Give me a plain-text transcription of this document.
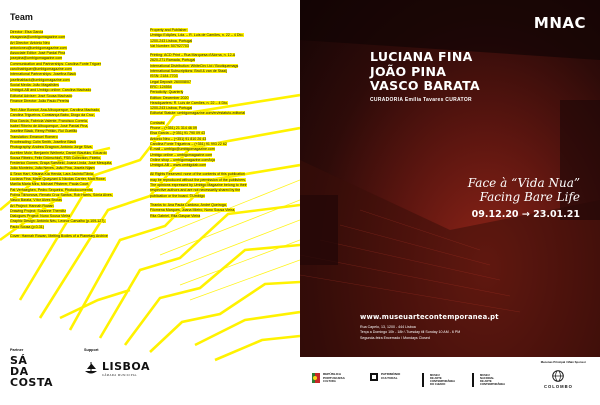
Team
Director: Elsa Garcia
elsagarcia@umbigomagazine.com
Art Director: António Néu
antonioneu@umbigomagazine.com
Associate Editor: José Pardal Pina
josepina@umbigomagazine.com
Communication and Partnerships: Carolina Fonte Triguer
carolinatriguer@umbigomagazine.com
International Partnerships: Josefina Black
josefinablack@umbigomagazine.com
Social Media: João Magalhães
UmbigoLAB and Umbigo online: Carolina Machado
Editorial Adviser: José Sousa Machado
Finance Director: João Paulo Pereira
Text: Alice Bonnot, Ana Albuquerque, Carolina Machado,
Carolina Trigueiros, Constança Babo, Diogo da Cruz,
Elsa Garcia, Fabrícia Valente, Francisco Correia,
Isabel Ribeiro de Albuquerque, José Pardal Pina,
Josefine Black, Rémy Pritikin, Rui Gueifão
Translation: Emanuel Romero
Proofreading: Colin Smith, Josefine Black
Photography: Andrea Gragnon, António Jorge Silva,
Aurélien Mole, Benjamin Weibretz, Daniel Blaufuks, Eduardo
Sousa Ribeiro, Felix Grünschloß, FSB Collection, Fidelio,
Frederico Gomes, Graça Sarsfield, Joana Linda, José Mesquita,
João Monteiro, João Neves, João Pina, Josefa Nijam
& Sean Hart, Kitsana Kia Henda, Lara Jacinto/Tãnia,
Luciana Fina, Marie Quayzani & Nicolas Carrier, Matt Rowe,
Marília Maria Mira, Michael Pfisterer, Paula Court,
Pat Verhaeghen, Pedro Sequeira, Photodocumenta,
Polina Tikhonova, Renato Cruz Santos, Rob Harris, Sónia Alves,
Vasco Barata, Vítor Alves Brotas
Art Project: Hannah Rowan
Drawing Project: Susanne Themlitz
Dialogues Project: Nuno Sousa Vieira
Graphic Design: António Néu, Leonor Carvalho (p.109-127),
Paulo Sousa (p.0-31)
Cover: Hannah Rowan, Melting Bodies of a Planetary Archive
Property and Publisher:
Umbigo Edições, Lda. – R. Luís de Camões, n. 22 – 4 Dto.
1200-243 Lisboa, Portugal
Vat Number: 507927703
Printing: ACD Print – Rua Marquesa d'Alorna, n. 12-A
2620-271 Ramada, Portugal
International Distribution: WhiteCirc Ltd / Boutiquemags
International Subscriptions: Brull & van de Staaij
ISSN: 2184-7703
Legal Deposit: 260008/07
ERC: 124554
Periodicity: Quarterly
Edition: December 2020
Headquarters: R. Luís de Camões, n. 22 – 4 Dto.
1200-243 Lisboa, Portugal
Editorial Statute: umbigomagazine.com/en/estatuto-editorial
Contacts:
Phone – (+351) 21 314 46 09
Elsa Garcia – (+351) 91 790 09 43
António Néu – (+351) 91 810 26 43
Carolina Fonte Trigueiros – (+351) 91 993 22 62
E-mail – umbigo@umbigomagazine.com
Umbigo online – umbigomagazine.com
Online shop – umbigomagazine.com/loja
UmbigoLAB – www.umbigolab.com
All Rights Reserved: none of the contents of this publication
may be reproduced without the permission of the publishers.
The opinions expressed by Umbigo Magazine belong to their
respective authors and are not necessarily shared by the
publication or the board. ©Umbigo
Thanks to: Ana Paula Cardoso, André Queiroga,
Filomena Marques, Joana Mieiro, Nuno Sousa Vieira,
Rita Gabriel, Rita Gaspar Vieira
Partner	Support
SÁ
DA
COSTA
LISBOA
CÂMARA MUNICIPAL
MNAC
LUCIANA FINA
JOÃO PINA
VASCO BARATA
CURADORIA Emília Tavares CURATOR
Face à “Vida Nua”
Facing Bare Life
09.12.20 → 23.01.21
www.museuartecontemporanea.pt
Rua Capelo, 13, 1200 - 444 Lisboa
Terça a Domingo 10h - 18h \ Tuesday till Sunday 10 AM - 6 PM
Segunda-feira Encerrado \ Mondays Closed
Mecenas Principal \ Main Sponsor
REPÚBLICA
PORTUGUESA
CULTURA
PATRIMÓNIO
CULTURAL
MUSEU
DE ARTE
CONTEMPORÂNEA
DO CHIADO
MUSEU
NACIONAL
DE ARTE
CONTEMPORÂNEA	COLOMBO
